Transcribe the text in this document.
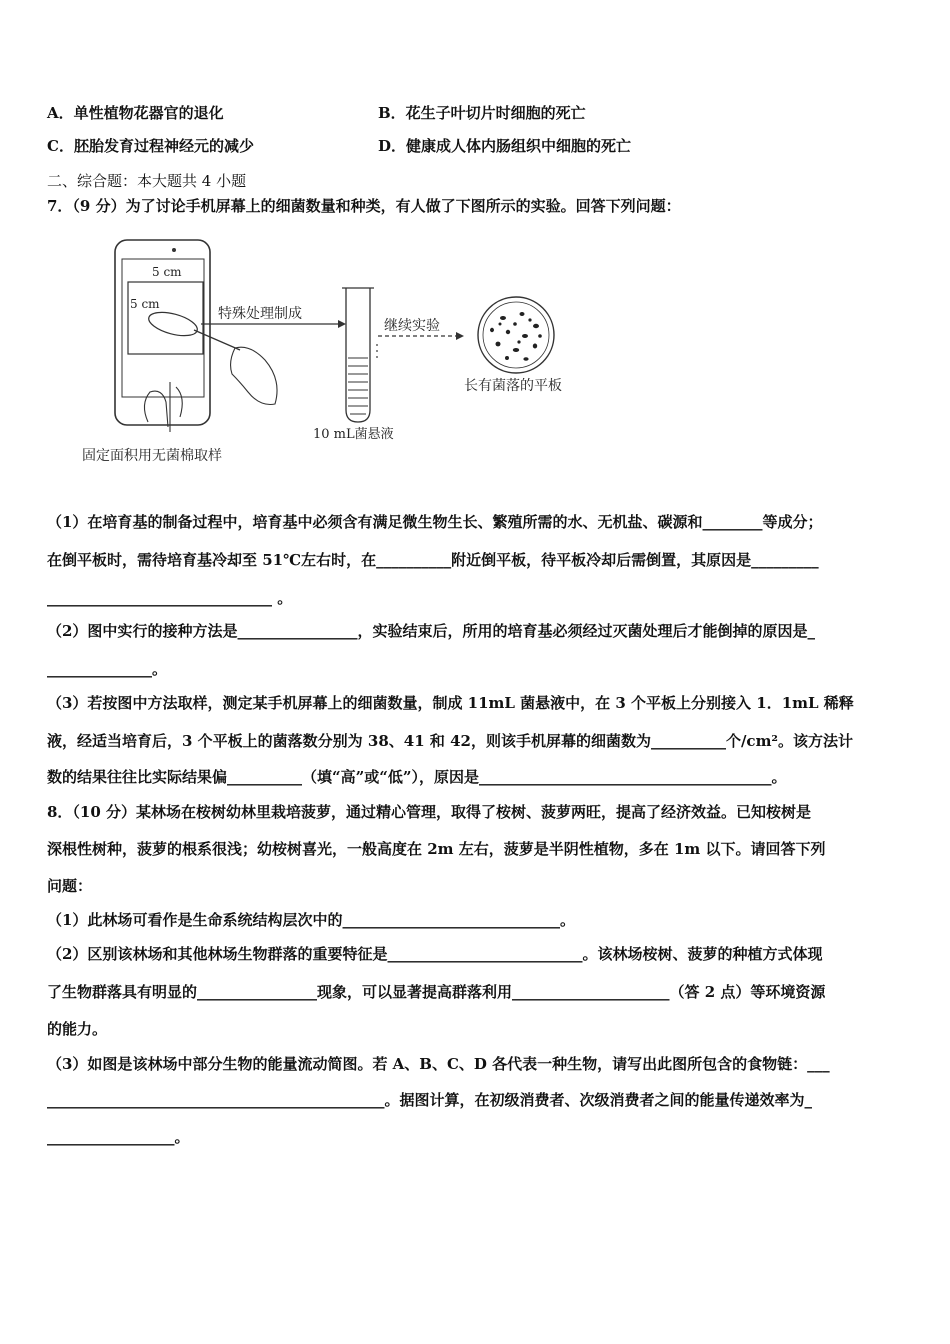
A．单性植物花器官的退化	B．花生子叶切片时细胞的死亡
C．胚胎发育过程神经元的减少	D．健康成人体内肠组织中细胞的死亡
二、综合题：本大题共 4 小题
7．（9 分）为了讨论手机屏幕上的细菌数量和种类，有人做了下图所示的实验。回答下列问题：
5 cm
5 cm
特殊处理制成
10 mL菌悬液
继续实验
长有菌落的平板
固定面积用无菌棉取样
（1）在培育基的制备过程中，培育基中必须含有满足微生物生长、繁殖所需的水、无机盐、碳源和________等成分；
在倒平板时，需待培育基冷却至 51℃左右时，在__________附近倒平板，待平板冷却后需倒置，其原因是_________
______________________________ 。
（2）图中实行的接种方法是________________，实验结束后，所用的培育基必须经过灭菌处理后才能倒掉的原因是_
______________。
（3）若按图中方法取样，测定某手机屏幕上的细菌数量，制成 11mL 菌悬液中，在 3 个平板上分别接入 1．1mL 稀释
液，经适当培育后，3 个平板上的菌落数分别为 38、41 和 42，则该手机屏幕的细菌数为__________个/cm²。该方法计
数的结果往往比实际结果偏__________（填“高”或“低”），原因是_______________________________________。
8．（10 分）某林场在桉树幼林里栽培菠萝，通过精心管理，取得了桉树、菠萝两旺，提高了经济效益。已知桉树是
深根性树种，菠萝的根系很浅；幼桉树喜光，一般高度在 2m 左右，菠萝是半阴性植物，多在 1m 以下。请回答下列
问题：
（1）此林场可看作是生命系统结构层次中的_____________________________。
（2）区别该林场和其他林场生物群落的重要特征是__________________________。该林场桉树、菠萝的种植方式体现
了生物群落具有明显的________________现象，可以显著提高群落利用_____________________（答 2 点）等环境资源
的能力。
（3）如图是该林场中部分生物的能量流动简图。若 A、B、C、D 各代表一种生物，请写出此图所包含的食物链：___
_____________________________________________。据图计算，在初级消费者、次级消费者之间的能量传递效率为_
_________________。
